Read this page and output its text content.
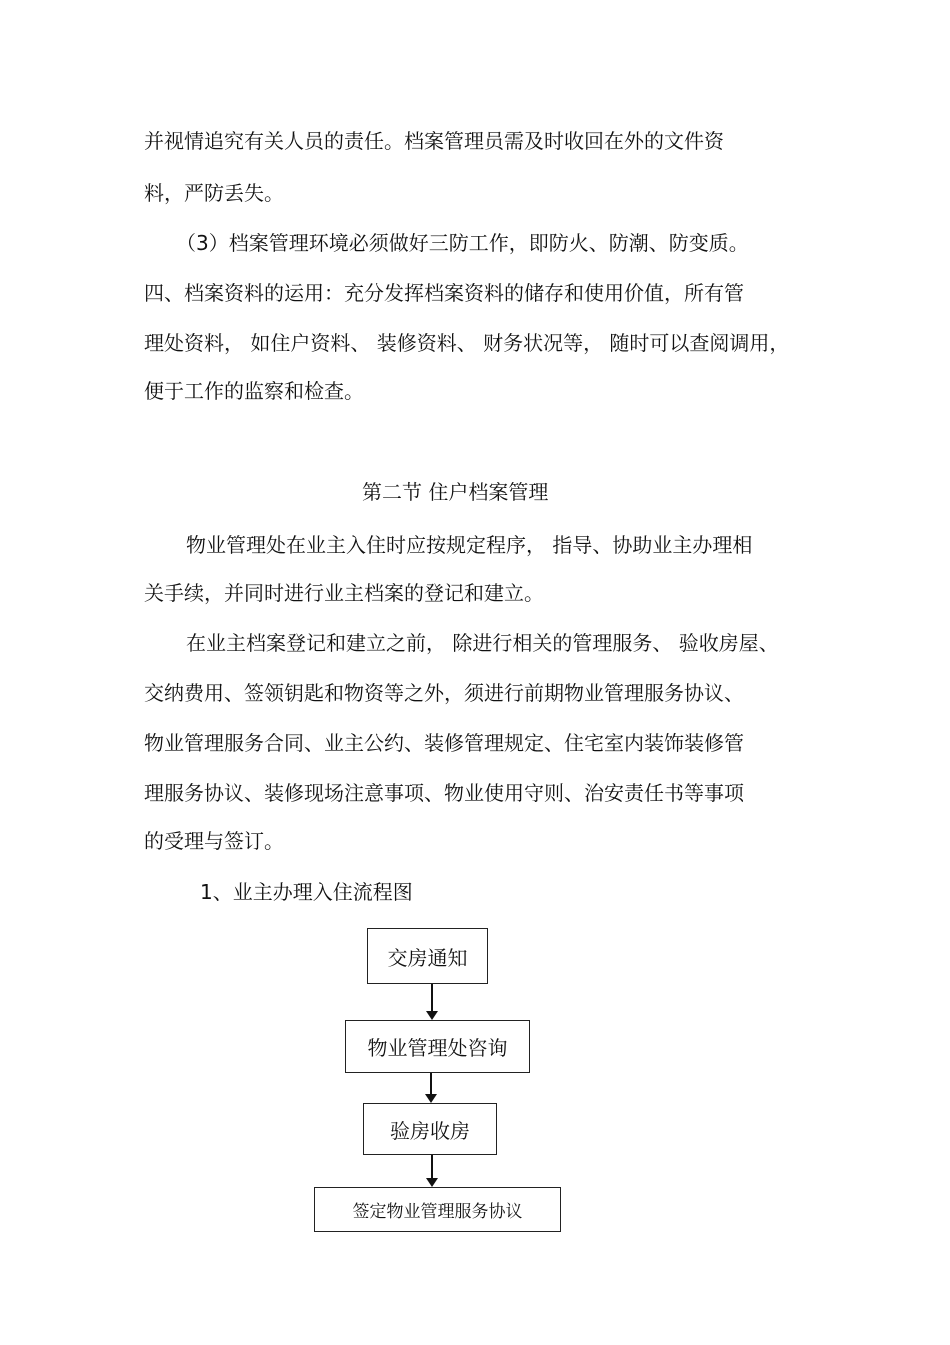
并视情追究有关人员的责任。档案管理员需及时收回在外的文件资
料，严防丢失。
（3）档案管理环境必须做好三防工作，即防火、防潮、防变质。
四、档案资料的运用：充分发挥档案资料的储存和使用价值，所有管
理处资料， 如住户资料、 装修资料、 财务状况等， 随时可以查阅调用，
便于工作的监察和检查。
第二节 住户档案管理
物业管理处在业主入住时应按规定程序， 指导、协助业主办理相
关手续，并同时进行业主档案的登记和建立。
在业主档案登记和建立之前， 除进行相关的管理服务、 验收房屋、
交纳费用、签领钥匙和物资等之外，须进行前期物业管理服务协议、
物业管理服务合同、业主公约、装修管理规定、住宅室内装饰装修管
理服务协议、装修现场注意事项、物业使用守则、治安责任书等事项
的受理与签订。
1、业主办理入住流程图
交房通知
物业管理处咨询
验房收房
签定物业管理服务协议
